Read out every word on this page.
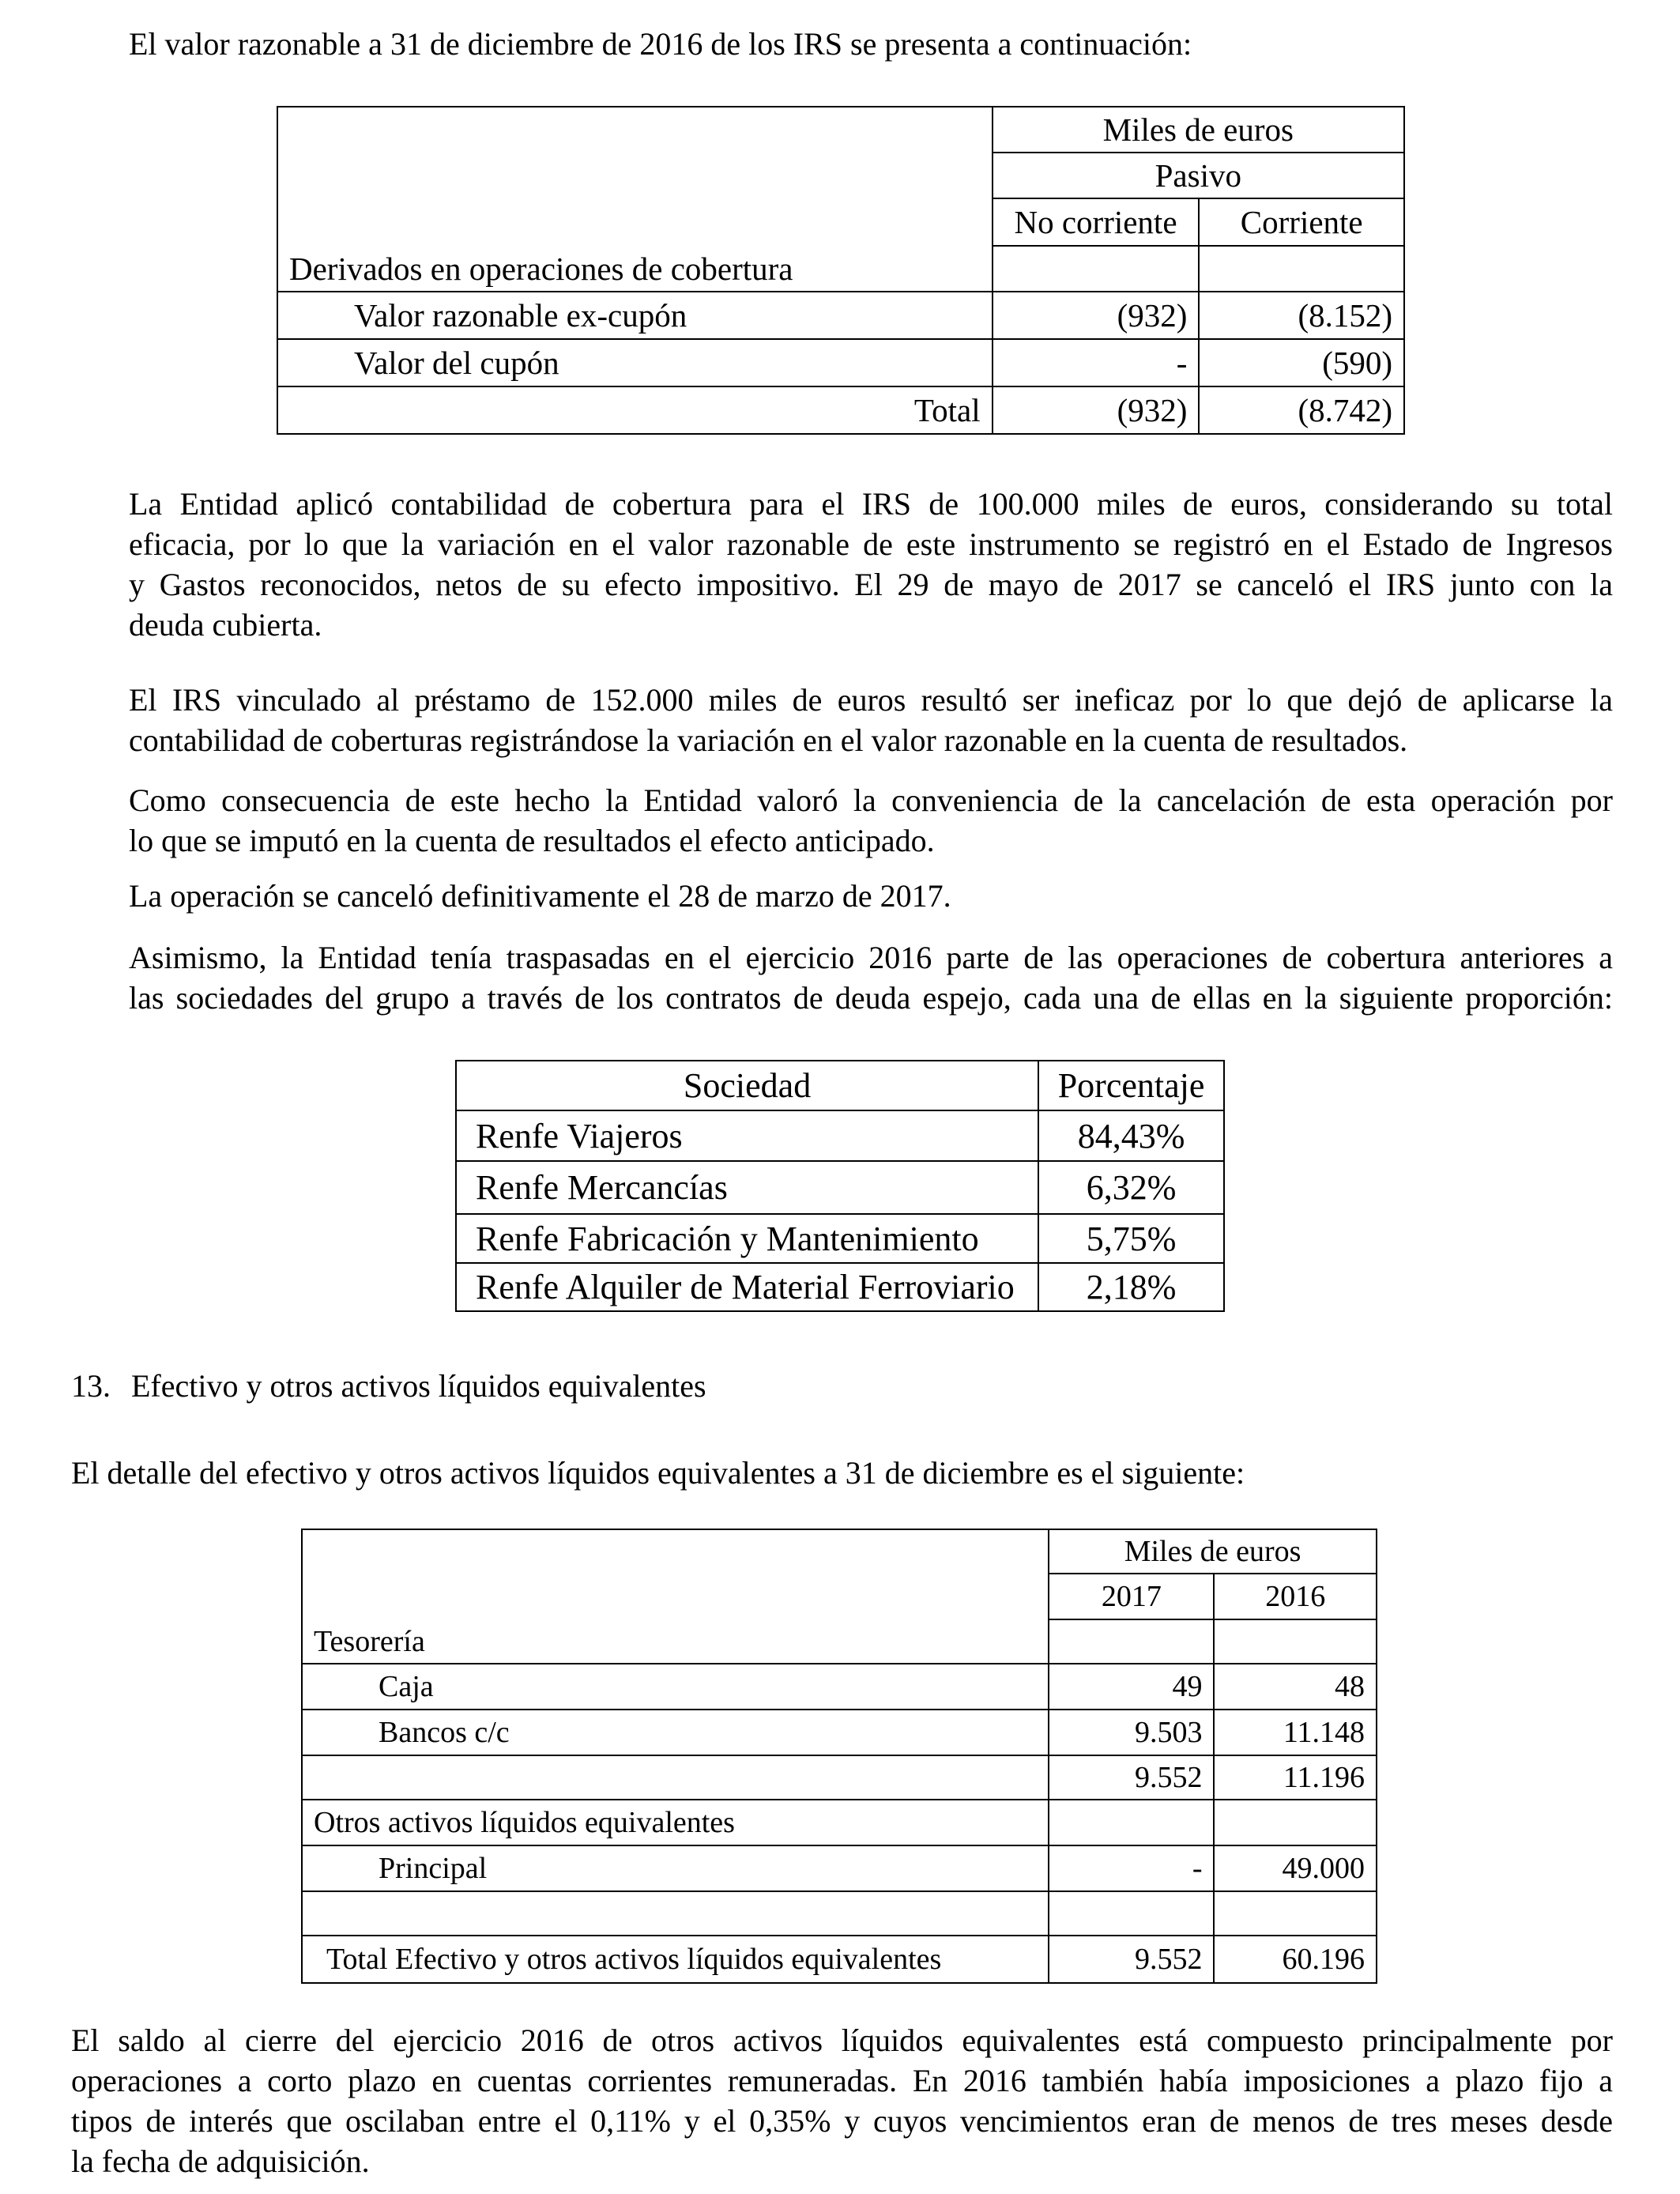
El valor razonable a 31 de diciembre de 2016 de los IRS se presenta a continuación:

	Miles de euros	
	Pasivo	
	No corriente	Corriente
Derivados en operaciones de cobertura		
Valor razonable ex-cupón	(932)	(8.152)
Valor del cupón	-	(590)
Total	(932)	(8.742)
La Entidad aplicó contabilidad de cobertura para el IRS de 100.000 miles de euros, considerando su total
eficacia, por lo que la variación en el valor razonable de este instrumento se registró en el Estado de Ingresos
y Gastos reconocidos, netos de su efecto impositivo. El 29 de mayo de 2017 se canceló el IRS junto con la
deuda cubierta.
El IRS vinculado al préstamo de 152.000 miles de euros resultó ser ineficaz por lo que dejó de aplicarse la
contabilidad de coberturas registrándose la variación en el valor razonable en la cuenta de resultados.
Como consecuencia de este hecho la Entidad valoró la conveniencia de la cancelación de esta operación por
lo que se imputó en la cuenta de resultados el efecto anticipado.

La operación se canceló definitivamente el 28 de marzo de 2017.

Asimismo, la Entidad tenía traspasadas en el ejercicio 2016 parte de las operaciones de cobertura anteriores a
las sociedades del grupo a través de los contratos de deuda espejo, cada una de ellas en la siguiente proporción:
Sociedad	Porcentaje
Renfe Viajeros	84,43%
Renfe Mercancías	6,32%
Renfe Fabricación y Mantenimiento	5,75%
Renfe Alquiler de Material Ferroviario	2,18%

13. Efectivo y otros activos líquidos equivalentes

El detalle del efectivo y otros activos líquidos equivalentes a 31 de diciembre es el siguiente:

	Miles de euros	
	2017	2016
Tesorería		
Caja	49	48
Bancos c/c	9.503	11.148
	9.552	11.196
Otros activos líquidos equivalentes		
Principal	-	49.000

Total Efectivo y otros activos líquidos equivalentes	9.552	60.196
El saldo al cierre del ejercicio 2016 de otros activos líquidos equivalentes está compuesto principalmente por
operaciones a corto plazo en cuentas corrientes remuneradas. En 2016 también había imposiciones a plazo fijo a
tipos de interés que oscilaban entre el 0,11% y el 0,35% y cuyos vencimientos eran de menos de tres meses desde
la fecha de adquisición.
